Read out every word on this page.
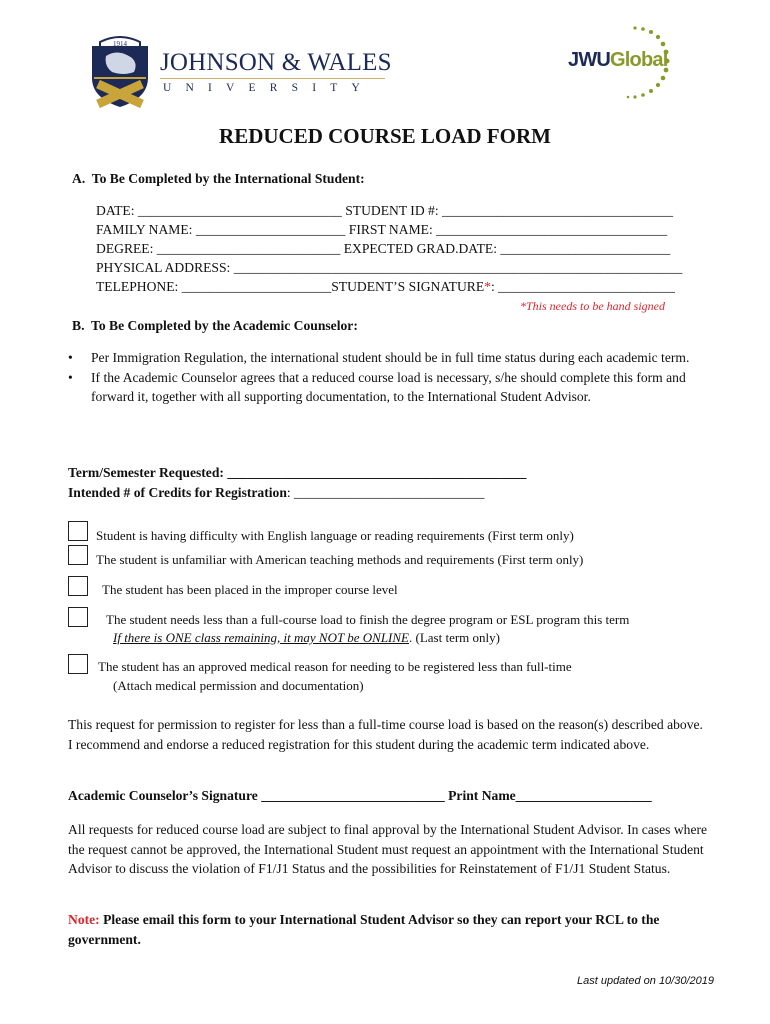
1914
JOHNSON & WALES
UNIVERSITY
JWUGlobal
REDUCED COURSE LOAD FORM
A.  To Be Completed by the International Student:
DATE: ______________________________ STUDENT ID #: __________________________________
FAMILY NAME: ______________________ FIRST NAME: __________________________________
DEGREE: ___________________________ EXPECTED GRAD.DATE: _________________________
PHYSICAL ADDRESS: __________________________________________________________________
TELEPHONE: ______________________STUDENT’S SIGNATURE*: __________________________
*This needs to be hand signed
B.  To Be Completed by the Academic Counselor:
• Per Immigration Regulation, the international student should be in full time status during each academic term.
• If the Academic Counselor agrees that a reduced course load is necessary, s/he should complete this form and forward it, together with all supporting documentation, to the International Student Advisor.
Term/Semester Requested: ____________________________________________
Intended # of Credits for Registration: ____________________________
Student is having difficulty with English language or reading requirements (First term only)
The student is unfamiliar with American teaching methods and requirements (First term only)
The student has been placed in the improper course level
The student needs less than a full-course load to finish the degree program or ESL program this term
If there is ONE class remaining, it may NOT be ONLINE. (Last term only)
The student has an approved medical reason for needing to be registered less than full-time
(Attach medical permission and documentation)
This request for permission to register for less than a full-time course load is based on the reason(s) described above. I recommend and endorse a reduced registration for this student during the academic term indicated above.
Academic Counselor’s Signature ___________________________ Print Name____________________
All requests for reduced course load are subject to final approval by the International Student Advisor. In cases where the request cannot be approved, the International Student must request an appointment with the International Student Advisor to discuss the violation of F1/J1 Status and the possibilities for Reinstatement of F1/J1 Student Status.
Note: Please email this form to your International Student Advisor so they can report your RCL to the government.
Last updated on 10/30/2019
